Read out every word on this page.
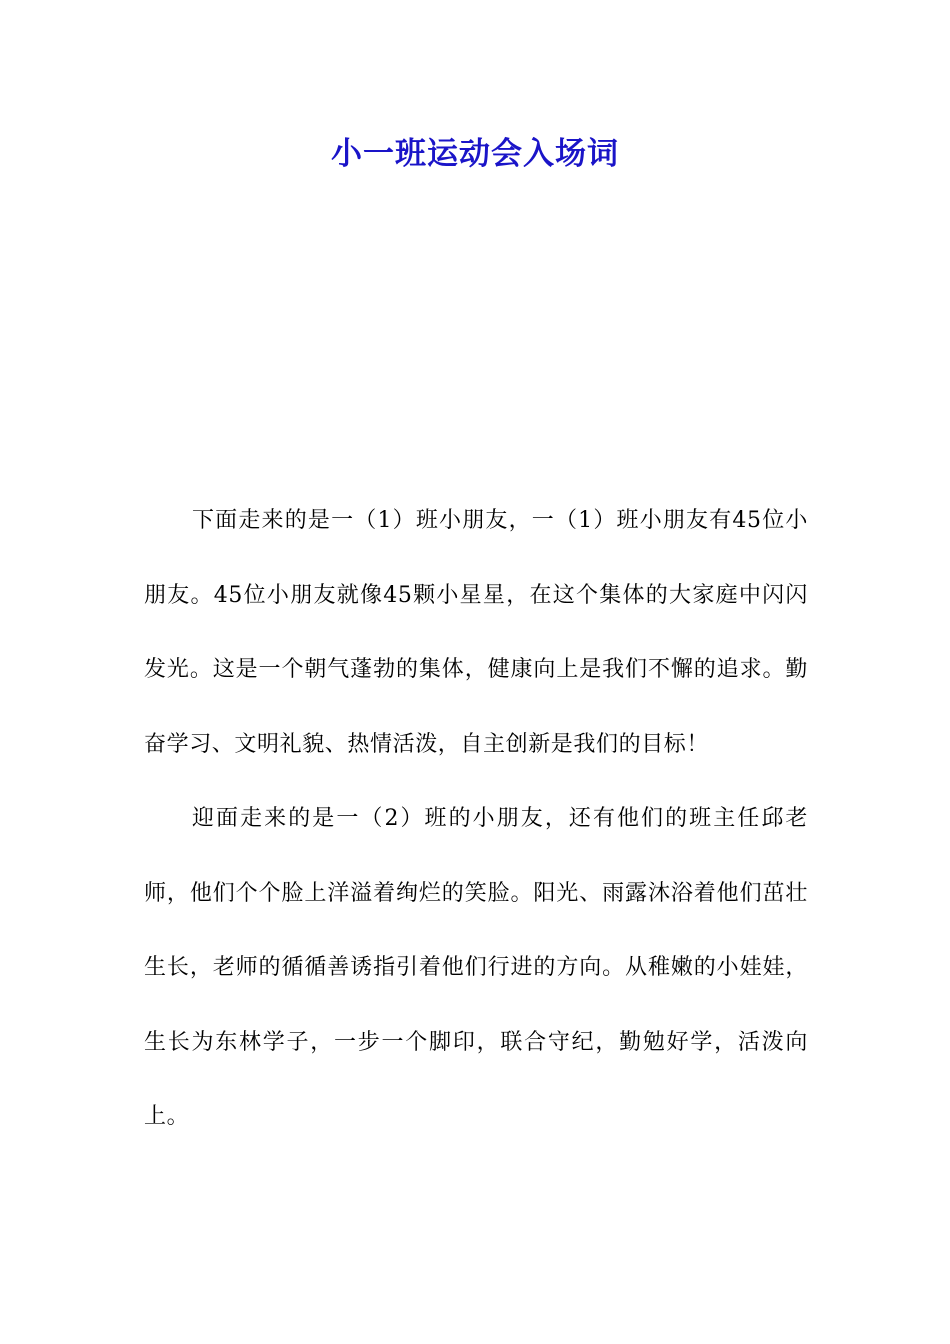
小一班运动会入场词

下面走来的是一（1）班小朋友，一（1）班小朋友有45位小朋友。45位小朋友就像45颗小星星，在这个集体的大家庭中闪闪发光。这是一个朝气蓬勃的集体，健康向上是我们不懈的追求。勤奋学习、文明礼貌、热情活泼，自主创新是我们的目标！

迎面走来的是一（2）班的小朋友，还有他们的班主任邱老师，他们个个脸上洋溢着绚烂的笑脸。阳光、雨露沐浴着他们茁壮生长，老师的循循善诱指引着他们行进的方向。从稚嫩的小娃娃，生长为东林学子，一步一个脚印，联合守纪，勤勉好学，活泼向上。
